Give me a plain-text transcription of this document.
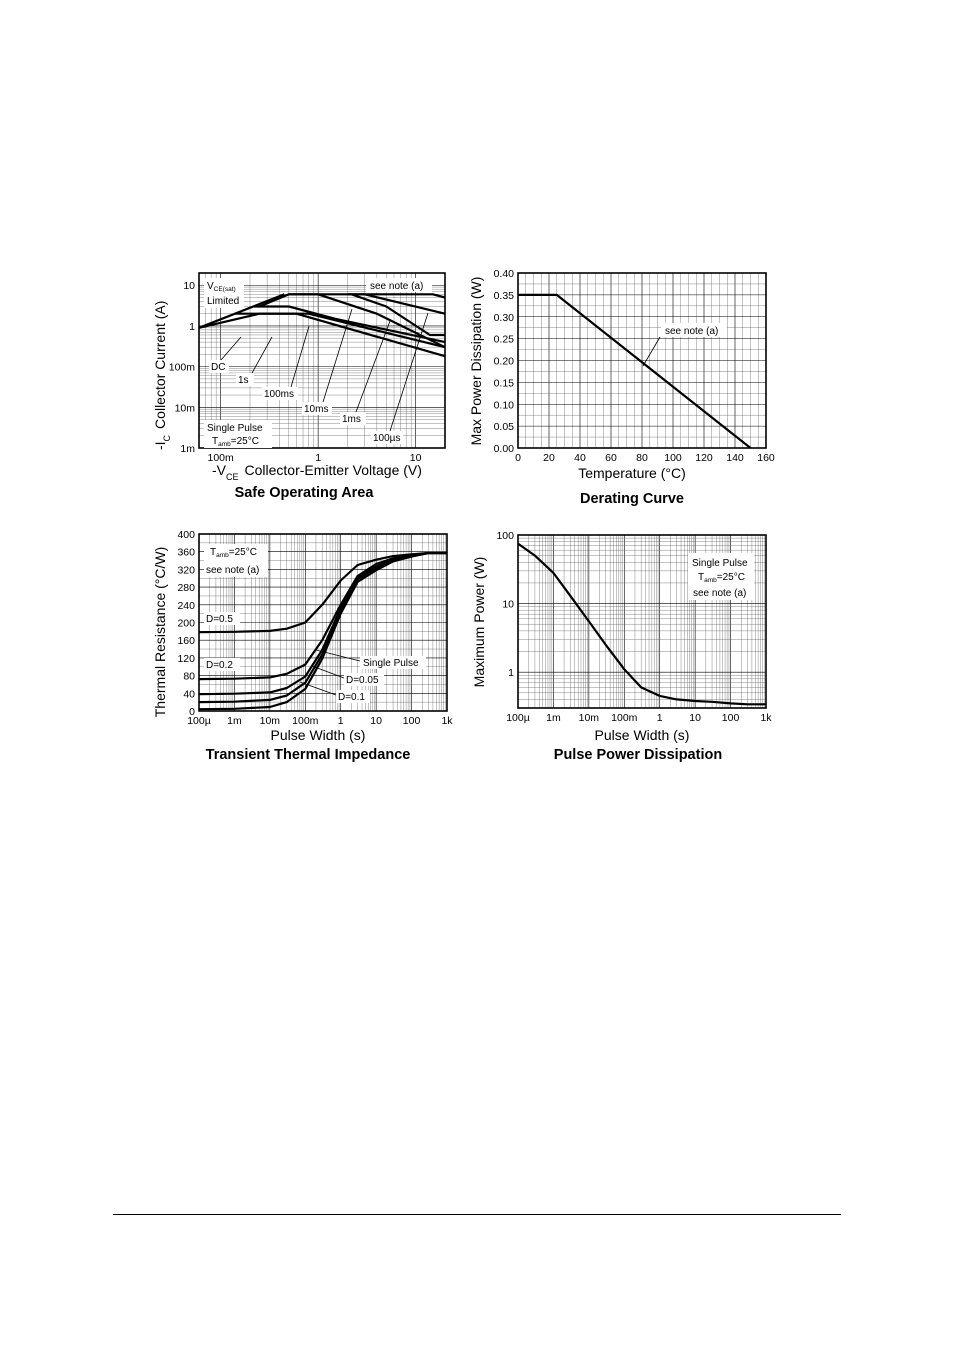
100m	1	10
1m
10m
100m
1
10 $V_{CE(sat)}$
Limited
see note (a)
Single Pulse
$T_{amb}=25^\circ C$
DC
1s
100ms
10ms
1ms
100µs
$-V_{CE}$ Collector-Emitter Voltage (V)
$-I_CCollector$ Current (A)
Safe Operating Area
0 20 40 60 80 100 120 140 160
0.00
0.05
0.10
0.15
0.20
0.25
0.30
0.35
0.40
see note (a)
Temperature (°C)
Max Power Dissipation (W)
Derating Curve
100µ 1m 10m 100m 1	10 100 1k
0
40
80
120
160
200
240
280
320
360
400
$T_{amb}=25^\circ C$
see note (a)
D=0.5
D=0.2	Single Pulse
D=0.05
D=0.1
Pulse Width (s)
Thermal Resistance (°C/W)
Transient Thermal Impedance
100µ 1m 10m 100m 1	10 100 1k
1
10
100
Single Pulse
$T_{amb}=25^\circ C$
see note (a)
Pulse Width (s)
Maximum Power (W)
Pulse Power Dissipation
